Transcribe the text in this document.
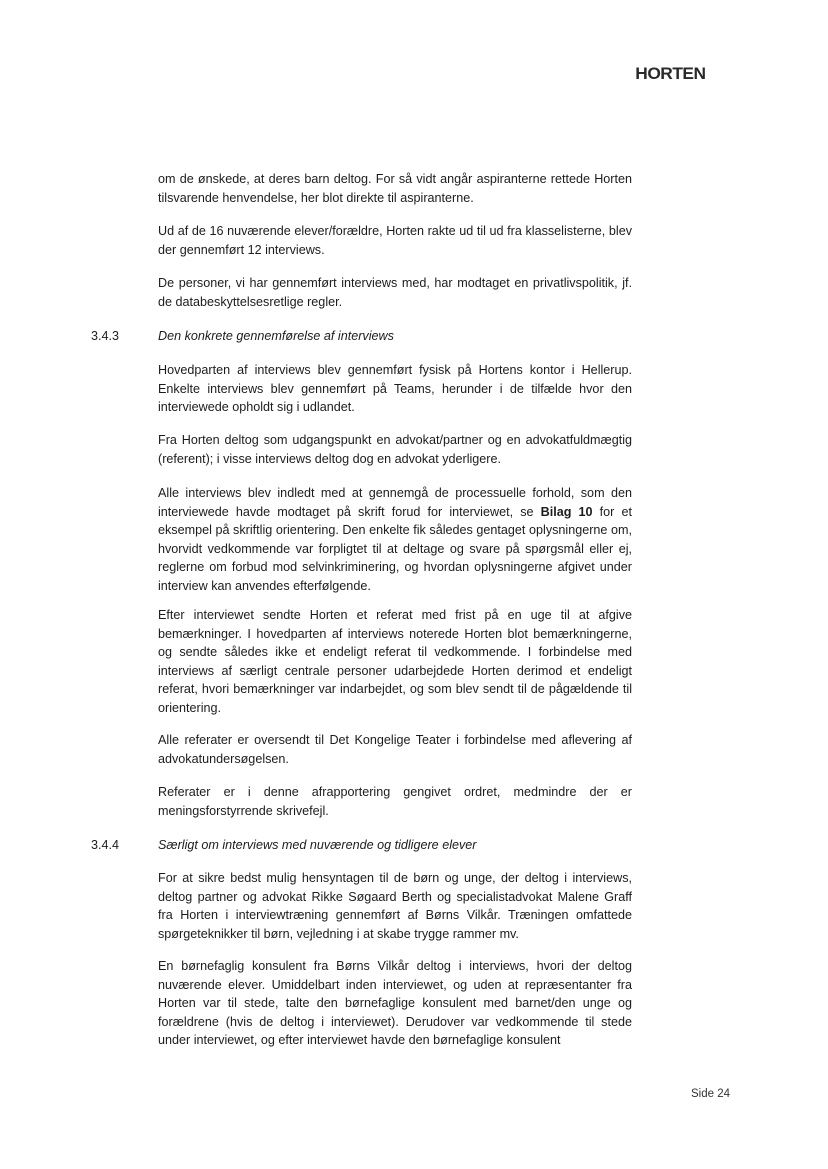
HORTEN

om de ønskede, at deres barn deltog. For så vidt angår aspiranterne rettede Horten tilsvarende henvendelse, her blot direkte til aspiranterne.

Ud af de 16 nuværende elever/forældre, Horten rakte ud til ud fra klasselisterne, blev der gennemført 12 interviews.

De personer, vi har gennemført interviews med, har modtaget en privatlivspolitik, jf. de databeskyttelsesretlige regler.

3.4.3	Den konkrete gennemførelse af interviews

Hovedparten af interviews blev gennemført fysisk på Hortens kontor i Hellerup. Enkelte interviews blev gennemført på Teams, herunder i de tilfælde hvor den interviewede opholdt sig i udlandet.

Fra Horten deltog som udgangspunkt en advokat/partner og en advokatfuldmægtig (referent); i visse interviews deltog dog en advokat yderligere.

Alle interviews blev indledt med at gennemgå de processuelle forhold, som den interviewede havde modtaget på skrift forud for interviewet, se Bilag 10 for et eksempel på skriftlig orientering. Den enkelte fik således gentaget oplysningerne om, hvorvidt vedkommende var forpligtet til at deltage og svare på spørgsmål eller ej, reglerne om forbud mod selvinkriminering, og hvordan oplysningerne afgivet under interview kan anvendes efterfølgende.

Efter interviewet sendte Horten et referat med frist på en uge til at afgive bemærkninger. I hovedparten af interviews noterede Horten blot bemærkningerne, og sendte således ikke et endeligt referat til vedkommende. I forbindelse med interviews af særligt centrale personer udarbejdede Horten derimod et endeligt referat, hvori bemærkninger var indarbejdet, og som blev sendt til de pågældende til orientering.

Alle referater er oversendt til Det Kongelige Teater i forbindelse med aflevering af advokatundersøgelsen.

Referater er i denne afrapportering gengivet ordret, medmindre der er meningsforstyrrende skrivefejl.

3.4.4	Særligt om interviews med nuværende og tidligere elever

For at sikre bedst mulig hensyntagen til de børn og unge, der deltog i interviews, deltog partner og advokat Rikke Søgaard Berth og specialistadvokat Malene Graff fra Horten i interviewtræning gennemført af Børns Vilkår. Træningen omfattede spørgeteknikker til børn, vejledning i at skabe trygge rammer mv.

En børnefaglig konsulent fra Børns Vilkår deltog i interviews, hvori der deltog nuværende elever. Umiddelbart inden interviewet, og uden at repræsentanter fra Horten var til stede, talte den børnefaglige konsulent med barnet/den unge og forældrene (hvis de deltog i interviewet). Derudover var vedkommende til stede under interviewet, og efter interviewet havde den børnefaglige konsulent

Side 24
